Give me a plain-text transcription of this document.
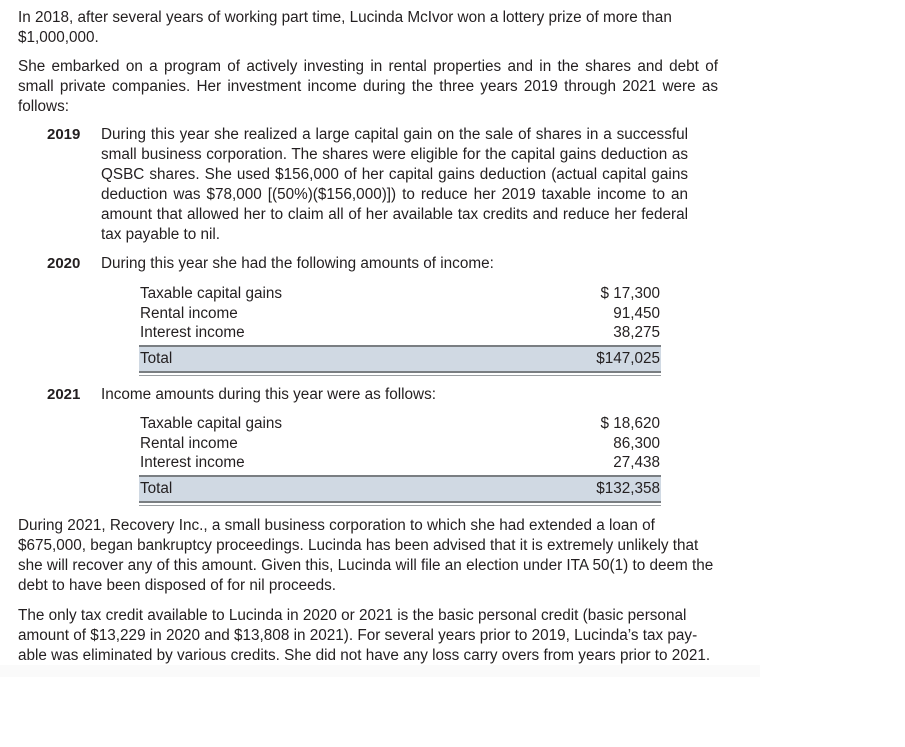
In 2018, after several years of working part time, Lucinda McIvor won a lottery prize of more than $1,000,000.

She embarked on a program of actively investing in rental properties and in the shares and debt of small private companies. Her investment income during the three years 2019 through 2021 were as follows:

2019 During this year she realized a large capital gain on the sale of shares in a successful small business corporation. The shares were eligible for the capital gains deduction as QSBC shares. She used $156,000 of her capital gains deduction (actual capital gains deduction was $78,000 [(50%)($156,000)]) to reduce her 2019 taxable income to an amount that allowed her to claim all of her available tax credits and reduce her federal tax payable to nil.
2020 During this year she had the following amounts of income:
Taxable capital gains	$ 17,300
Rental income	91,450
Interest income	38,275
Total	$147,025
2021 Income amounts during this year were as follows:
Taxable capital gains	$ 18,620
Rental income	86,300
Interest income	27,438
Total	$132,358

During 2021, Recovery Inc., a small business corporation to which she had extended a loan of $675,000, began bankruptcy proceedings. Lucinda has been advised that it is extremely unlikely that she will recover any of this amount. Given this, Lucinda will file an election under ITA 50(1) to deem the debt to have been disposed of for nil proceeds.

The only tax credit available to Lucinda in 2020 or 2021 is the basic personal credit (basic personal amount of $13,229 in 2020 and $13,808 in 2021). For several years prior to 2019, Lucinda’s tax pay-able was eliminated by various credits. She did not have any loss carry overs from years prior to 2021.
